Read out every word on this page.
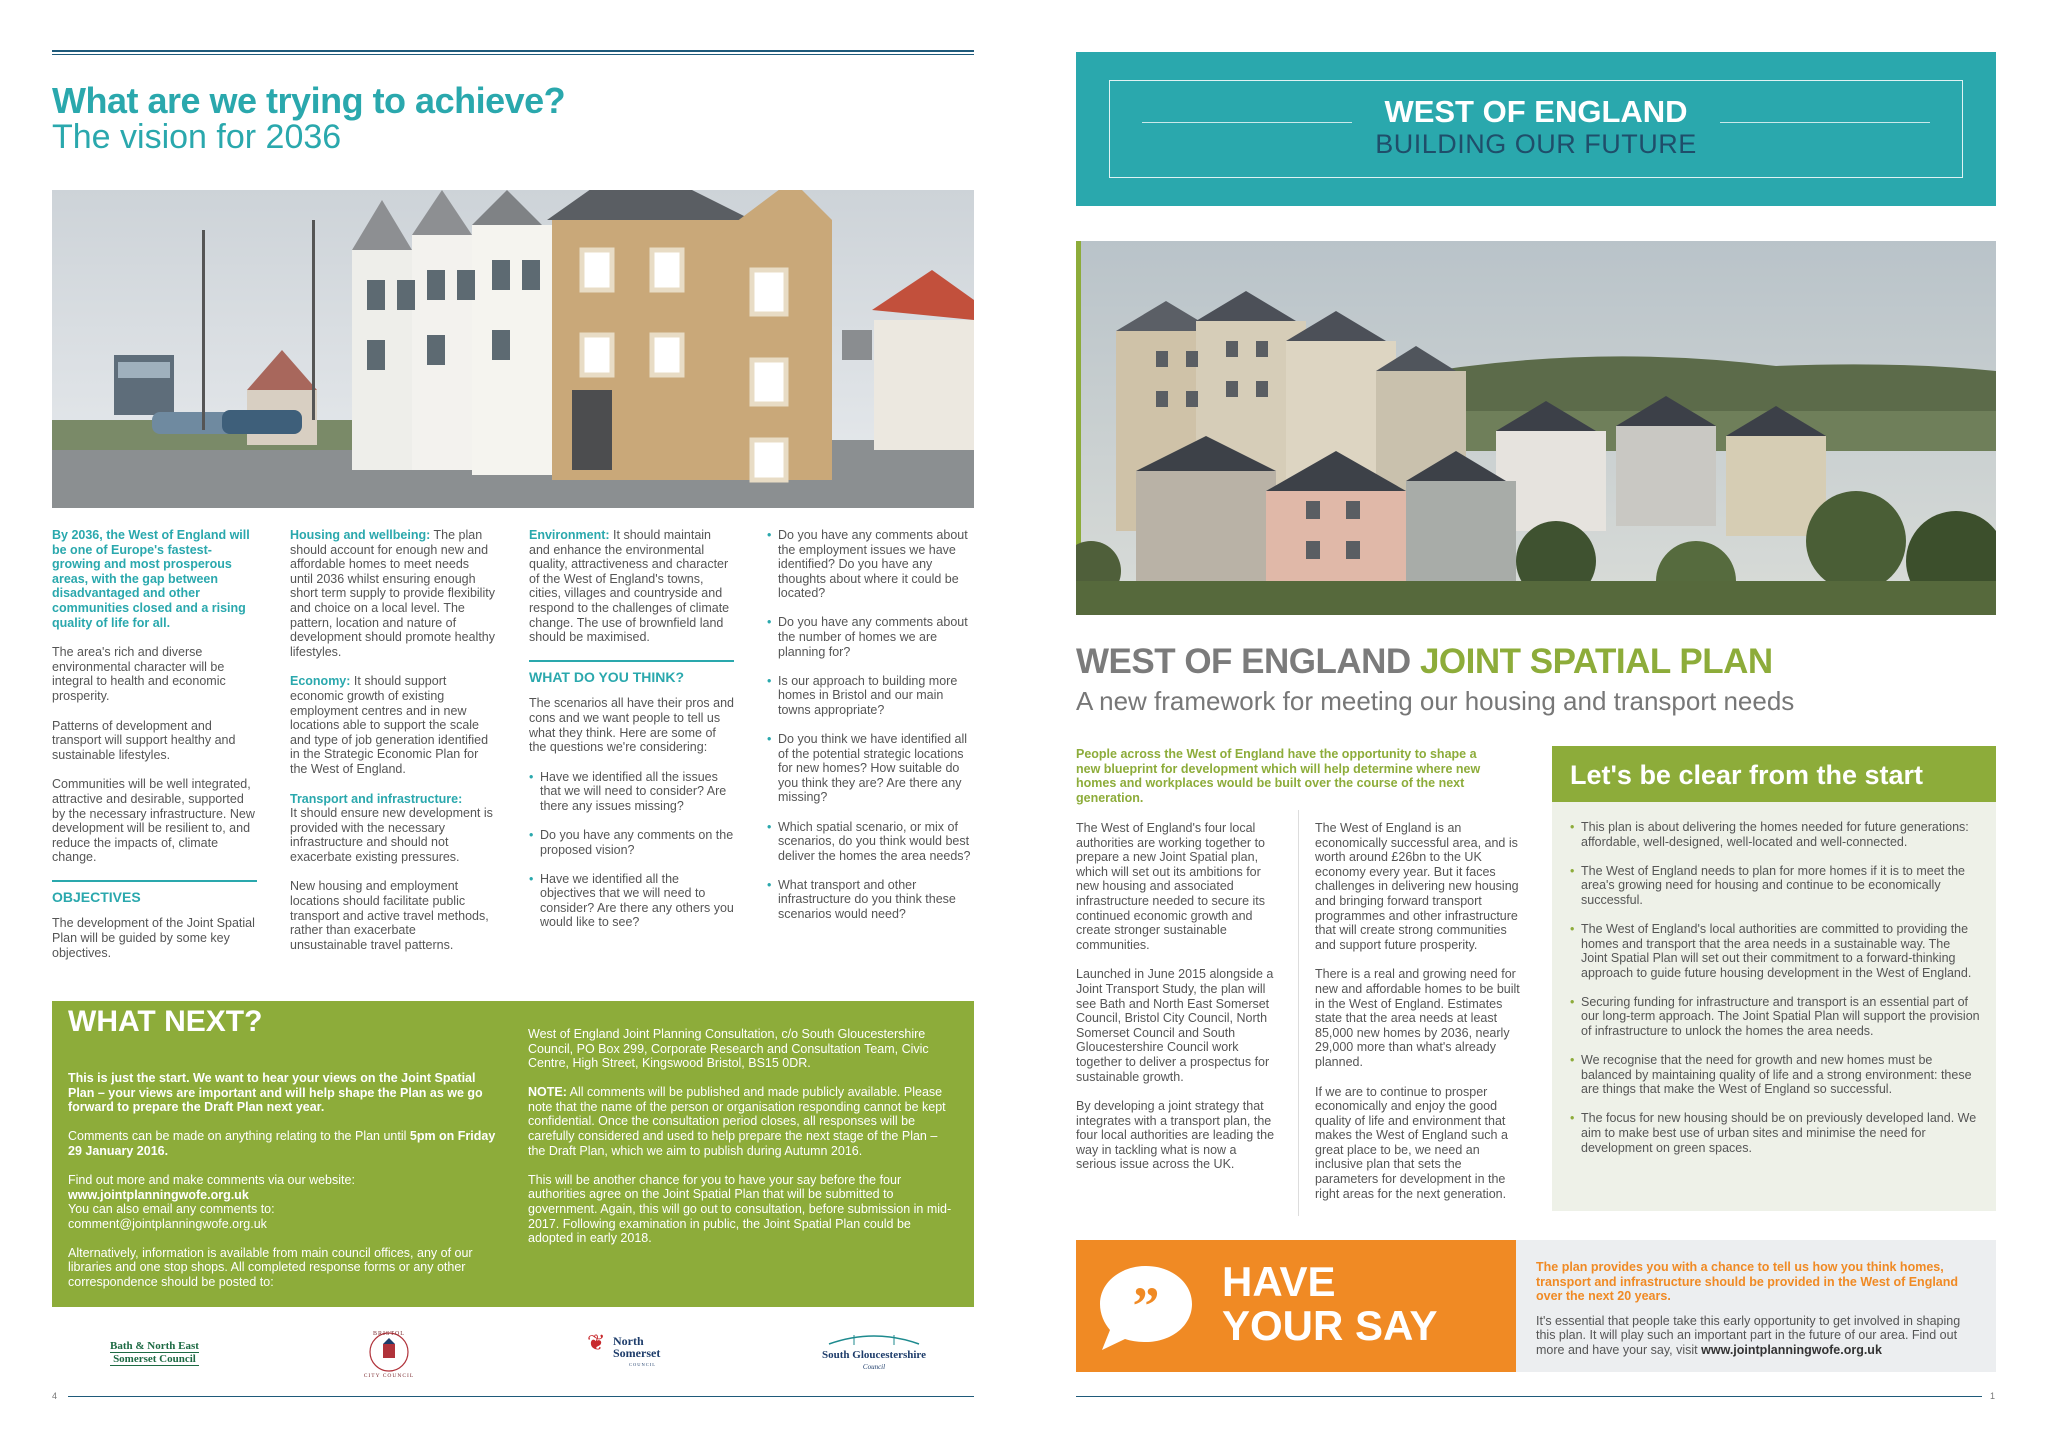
What are we trying to achieve?
The vision for 2036

By 2036, the West of England will be one of Europe's fastest-growing and most prosperous areas, with the gap between disadvantaged and other communities closed and a rising quality of life for all.

The area's rich and diverse environmental character will be integral to health and economic prosperity.

Patterns of development and transport will support healthy and sustainable lifestyles.

Communities will be well integrated, attractive and desirable, supported by the necessary infrastructure. New development will be resilient to, and reduce the impacts of, climate change.

OBJECTIVES

The development of the Joint Spatial Plan will be guided by some key objectives.

Housing and wellbeing: The plan should account for enough new and affordable homes to meet needs until 2036 whilst ensuring enough short term supply to provide flexibility and choice on a local level. The pattern, location and nature of development should promote healthy lifestyles.

Economy: It should support economic growth of existing employment centres and in new locations able to support the scale and type of job generation identified in the Strategic Economic Plan for the West of England.

Transport and infrastructure:

It should ensure new development is provided with the necessary infrastructure and should not exacerbate existing pressures.

New housing and employment locations should facilitate public transport and active travel methods, rather than exacerbate unsustainable travel patterns.

Environment: It should maintain and enhance the environmental quality, attractiveness and character of the West of England's towns, cities, villages and countryside and respond to the challenges of climate change. The use of brownfield land should be maximised.

WHAT DO YOU THINK?

The scenarios all have their pros and cons and we want people to tell us what they think. Here are some of the questions we're considering:

• Have we identified all the issues that we will need to consider? Are there any issues missing?
• Do you have any comments on the proposed vision?
• Have we identified all the objectives that we will need to consider? Are there any others you would like to see?
• Do you have any comments about the employment issues we have identified? Do you have any thoughts about where it could be located?
• Do you have any comments about the number of homes we are planning for?
• Is our approach to building more homes in Bristol and our main towns appropriate?
• Do you think we have identified all of the potential strategic locations for new homes? How suitable do you think they are? Are there any missing?
• Which spatial scenario, or mix of scenarios, do you think would best deliver the homes the area needs?
• What transport and other infrastructure do you think these scenarios would need?
WHAT NEXT?

This is just the start. We want to hear your views on the Joint Spatial Plan – your views are important and will help shape the Plan as we go forward to prepare the Draft Plan next year.

Comments can be made on anything relating to the Plan until 5pm on Friday 29 January 2016.

Find out more and make comments via our website:
www.jointplanningwofe.org.uk
You can also email any comments to:
comment@jointplanningwofe.org.uk

Alternatively, information is available from main council offices, any of our libraries and one stop shops. All completed response forms or any other correspondence should be posted to:

West of England Joint Planning Consultation, c/o South Gloucestershire Council, PO Box 299, Corporate Research and Consultation Team, Civic Centre, High Street, Kingswood Bristol, BS15 0DR.

NOTE: All comments will be published and made publicly available. Please note that the name of the person or organisation responding cannot be kept confidential. Once the consultation period closes, all responses will be carefully considered and used to help prepare the next stage of the Plan – the Draft Plan, which we aim to publish during Autumn 2016.

This will be another chance for you to have your say before the four authorities agree on the Joint Spatial Plan that will be submitted to government. Again, this will go out to consultation, before submission in mid-2017. Following examination in public, the Joint Spatial Plan could be adopted in early 2018.

Bath & North East
Somerset Council
BRISTOL
CITY COUNCIL
❦ North
Somerset
COUNCIL
South Gloucestershire
Council
4
WEST OF ENGLAND
BUILDING OUR FUTURE
WEST OF ENGLAND JOINT SPATIAL PLAN
A new framework for meeting our housing and transport needs
People across the West of England have the opportunity to shape a new blueprint for development which will help determine where new homes and workplaces would be built over the course of the next generation.

The West of England's four local authorities are working together to prepare a new Joint Spatial plan, which will set out its ambitions for new housing and associated infrastructure needed to secure its continued economic growth and create stronger sustainable communities.

Launched in June 2015 alongside a Joint Transport Study, the plan will see Bath and North East Somerset Council, Bristol City Council, North Somerset Council and South Gloucestershire Council work together to deliver a prospectus for sustainable growth.

By developing a joint strategy that integrates with a transport plan, the four local authorities are leading the way in tackling what is now a serious issue across the UK.

The West of England is an economically successful area, and is worth around £26bn to the UK economy every year. But it faces challenges in delivering new housing and bringing forward transport programmes and other infrastructure that will create strong communities and support future prosperity.

There is a real and growing need for new and affordable homes to be built in the West of England. Estimates state that the area needs at least 85,000 new homes by 2036, nearly 29,000 more than what's already planned.

If we are to continue to prosper economically and enjoy the good quality of life and environment that makes the West of England such a great place to be, we need an inclusive plan that sets the parameters for development in the right areas for the next generation.

Let's be clear from the start
• This plan is about delivering the homes needed for future generations: affordable, well-designed, well-located and well-connected.
• The West of England needs to plan for more homes if it is to meet the area's growing need for housing and continue to be economically successful.
• The West of England's local authorities are committed to providing the homes and transport that the area needs in a sustainable way. The Joint Spatial Plan will set out their commitment to a forward-thinking approach to guide future housing development in the West of England.
• Securing funding for infrastructure and transport is an essential part of our long-term approach. The Joint Spatial Plan will support the provision of infrastructure to unlock the homes the area needs.
• We recognise that the need for growth and new homes must be balanced by maintaining quality of life and a strong environment: these are things that make the West of England so successful.
• The focus for new housing should be on previously developed land. We aim to make best use of urban sites and minimise the need for development on green spaces.
” HAVE
YOUR SAY

The plan provides you with a chance to tell us how you think homes, transport and infrastructure should be provided in the West of England over the next 20 years.

It's essential that people take this early opportunity to get involved in shaping this plan. It will play such an important part in the future of our area. Find out more and have your say, visit www.jointplanningwofe.org.uk

1
